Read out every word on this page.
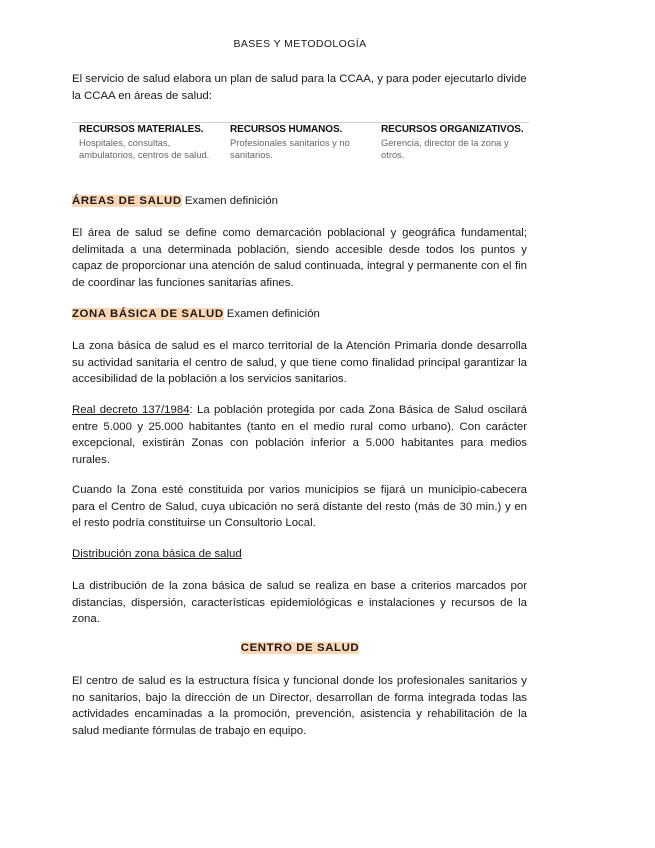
BASES Y METODOLOGÍA

El servicio de salud elabora un plan de salud para la CCAA, y para poder ejecutarlo divide la CCAA en áreas de salud:

RECURSOS MATERIALES.
Hospitales, consultas, ambulatorios, centros de salud.
RECURSOS HUMANOS.
Profesionales sanitarios y no sanitarios.
RECURSOS ORGANIZATIVOS.
Gerencia, director de la zona y otros.

ÁREAS DE SALUD Examen definición

El área de salud se define como demarcación poblacional y geográfica fundamental; delimitada a una determinada población, siendo accesible desde todos los puntos y capaz de proporcionar una atención de salud continuada, integral y permanente con el fin de coordinar las funciones sanitarias afines.

ZONA BÁSICA DE SALUD Examen definición

La zona básica de salud es el marco territorial de la Atención Primaria donde desarrolla su actividad sanitaria el centro de salud, y que tiene como finalidad principal garantizar la accesibilidad de la población a los servicios sanitarios.

Real decreto 137/1984: La población protegida por cada Zona Básica de Salud oscilará entre 5.000 y 25.000 habitantes (tanto en el medio rural como urbano). Con carácter excepcional, existirán Zonas con población inferior a 5.000 habitantes para medios rurales.

Cuando la Zona esté constituida por varios municipios se fijará un municipio-cabecera para el Centro de Salud, cuya ubicación no será distante del resto (más de 30 min.) y en el resto podría constituirse un Consultorio Local.

Distribución zona básica de salud

La distribución de la zona básica de salud se realiza en base a criterios marcados por distancias, dispersión, características epidemiológicas e instalaciones y recursos de la zona.

CENTRO DE SALUD

El centro de salud es la estructura física y funcional donde los profesionales sanitarios y no sanitarios, bajo la dirección de un Director, desarrollan de forma integrada todas las actividades encaminadas a la promoción, prevención, asistencia y rehabilitación de la salud mediante fórmulas de trabajo en equipo.
